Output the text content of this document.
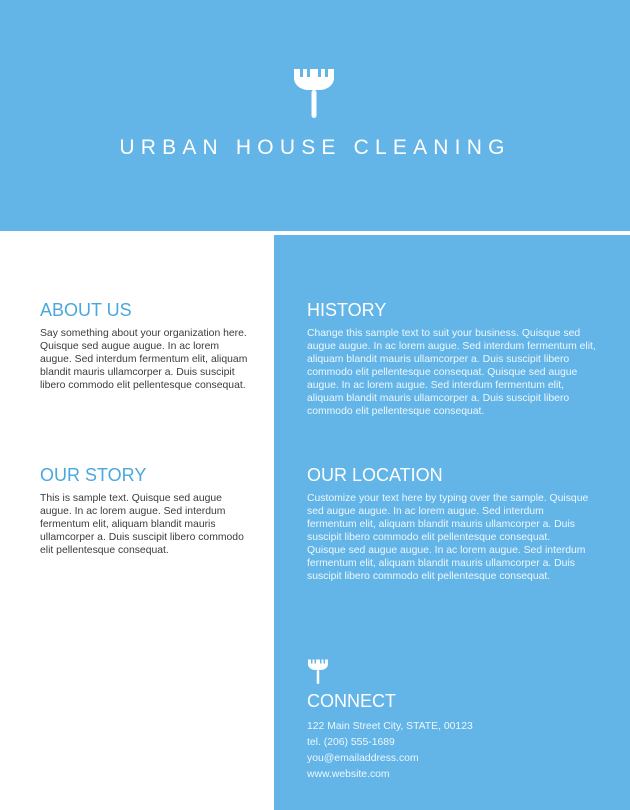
URBAN HOUSE CLEANING
ABOUT US

Say something about your organization here. Quisque sed augue augue. In ac lorem augue. Sed interdum fermentum elit, aliquam blandit mauris ullamcorper a. Duis suscipit libero commodo elit pellentesque consequat.

OUR STORY

This is sample text. Quisque sed augue augue. In ac lorem augue. Sed interdum fermentum elit, aliquam blandit mauris ullamcorper a. Duis suscipit libero commodo elit pellentesque consequat.

HISTORY

Change this sample text to suit your business. Quisque sed augue augue. In ac lorem augue. Sed interdum fermentum elit, aliquam blandit mauris ullamcorper a. Duis suscipit libero commodo elit pellentesque consequat. Quisque sed augue augue. In ac lorem augue. Sed interdum fermentum elit, aliquam blandit mauris ullamcorper a. Duis suscipit libero commodo elit pellentesque consequat.

OUR LOCATION

Customize your text here by typing over the sample. Quisque sed augue augue. In ac lorem augue. Sed interdum fermentum elit, aliquam blandit mauris ullamcorper a. Duis suscipit libero commodo elit pellentesque consequat. Quisque sed augue augue. In ac lorem augue. Sed interdum fermentum elit, aliquam blandit mauris ullamcorper a. Duis suscipit libero commodo elit pellentesque consequat.

CONNECT
122 Main Street City, STATE, 00123
tel. (206) 555-1689
you@emailaddress.com
www.website.com
